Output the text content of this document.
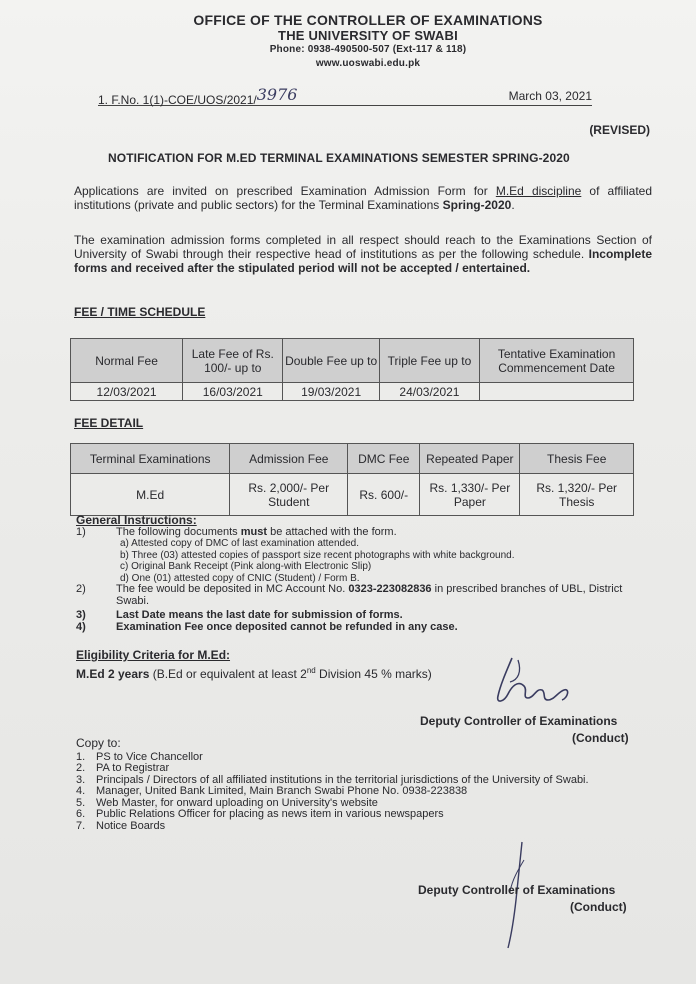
OFFICE OF THE CONTROLLER OF EXAMINATIONS
THE UNIVERSITY OF SWABI
Phone: 0938-490500-507 (Ext-117 & 118)
www.uoswabi.edu.pk
1. F.No. 1(1)-COE/UOS/2021/3976	March 03, 2021
(REVISED)
NOTIFICATION FOR M.ED TERMINAL EXAMINATIONS SEMESTER SPRING-2020
Applications are invited on prescribed Examination Admission Form for M.Ed discipline of affiliated institutions (private and public sectors) for the Terminal Examinations Spring-2020.
The examination admission forms completed in all respect should reach to the Examinations Section of University of Swabi through their respective head of institutions as per the following schedule. Incomplete forms and received after the stipulated period will not be accepted / entertained.
FEE / TIME SCHEDULE
Normal Fee	Late Fee of Rs. 100/- up to	Double Fee up to	Triple Fee up to	Tentative Examination Commencement Date
12/03/2021	16/03/2021	19/03/2021	24/03/2021	
FEE DETAIL
Terminal Examinations	Admission Fee	DMC Fee	Repeated Paper	Thesis Fee
M.Ed	Rs. 2,000/- Per Student	Rs. 600/-	Rs. 1,330/- Per Paper	Rs. 1,320/- Per Thesis
General Instructions:
1)	The following documents must be attached with the form.
a) Attested copy of DMC of last examination attended.
b) Three (03) attested copies of passport size recent photographs with white background.
c) Original Bank Receipt (Pink along-with Electronic Slip)
d) One (01) attested copy of CNIC (Student) / Form B.
2)	The fee would be deposited in MC Account No. 0323-223082836 in prescribed branches of UBL, District Swabi.
3)	Last Date means the last date for submission of forms.
4)	Examination Fee once deposited cannot be refunded in any case.
Eligibility Criteria for M.Ed:
M.Ed 2 years (B.Ed or equivalent at least 2nd Division 45 % marks)
Deputy Controller of Examinations
(Conduct)
Copy to:
1. PS to Vice Chancellor
2. PA to Registrar
3. Principals / Directors of all affiliated institutions in the territorial jurisdictions of the University of Swabi.
4. Manager, United Bank Limited, Main Branch Swabi Phone No. 0938-223838
5. Web Master, for onward uploading on University's website
6. Public Relations Officer for placing as news item in various newspapers
7. Notice Boards
Deputy Controller of Examinations
(Conduct)
